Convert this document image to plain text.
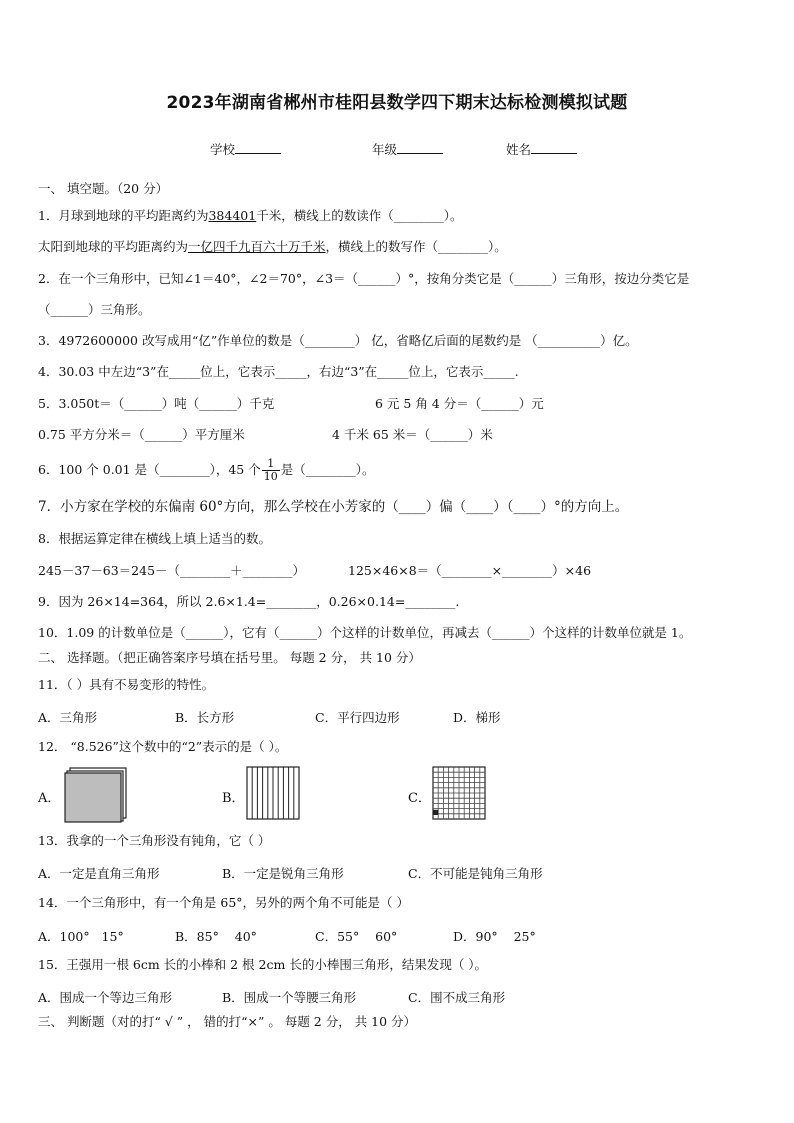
2023年湖南省郴州市桂阳县数学四下期末达标检测模拟试题
学校	年级	姓名
一、 填空题。（20 分）
1．月球到地球的平均距离约为384401千米，横线上的数读作（________）。
太阳到地球的平均距离约为一亿四千九百六十万千米，横线上的数写作（________）。
2．在一个三角形中，已知∠1＝40°，∠2＝70°，∠3＝（______）°，按角分类它是（______）三角形，按边分类它是
（______）三角形。
3．4972600000 改写成用“亿”作单位的数是（________） 亿，省略亿后面的尾数约是 （__________）亿。
4．30.03 中左边“3”在_____位上，它表示_____，右边“3”在_____位上，它表示_____.
5．3.050t＝（______）吨（______）千克	6 元 5 角 4 分＝（______）元
0.75 平方分米＝（______）平方厘米	4 千米 65 米＝（______）米
6．100 个 0.01 是（________），45 个 $\frac{1}{10}$ 是（________）。
7．小方家在学校的东偏南 60°方向，那么学校在小芳家的（____）偏（____）（____）°的方向上。
8．根据运算定律在横线上填上适当的数。
245－37－63＝245－（________＋________）	125×46×8＝（________×________）×46
9．因为 26×14=364，所以 2.6×1.4=________，0.26×0.14=________.
10．1.09 的计数单位是（______），它有（______）个这样的计数单位，再减去（______）个这样的计数单位就是 1。
二、 选择题。（把正确答案序号填在括号里。 每题 2 分， 共 10 分）
11．（ ）具有不易变形的特性。
A．三角形	B．长方形	C．平行四边形	D．梯形
12． “8.526”这个数中的“2”表示的是（ ）。
A．	B．	C．
13．我拿的一个三角形没有钝角，它（ ）
A．一定是直角三角形	B．一定是锐角三角形	C．不可能是钝角三角形
14．一个三角形中，有一个角是 65°，另外的两个角不可能是（ ）
A．100°   15°	B．85°    40°	C．55°    60°	D．90°    25°
15．王强用一根 6cm 长的小棒和 2 根 2cm 长的小棒围三角形，结果发现（ ）。
A．围成一个等边三角形	B．围成一个等腰三角形	C．围不成三角形
三、 判断题（对的打“ √ ” ， 错的打“×” 。 每题 2 分， 共 10 分）
